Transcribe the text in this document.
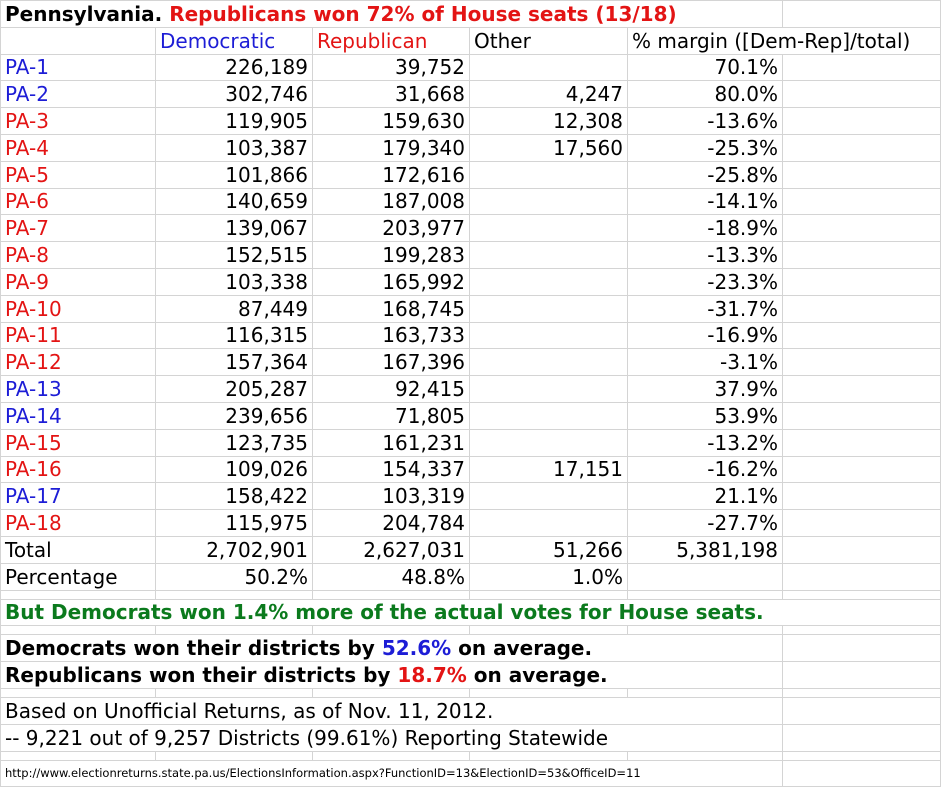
Pennsylvania. Republicans won 72% of House seats (13/18)					
	Democratic	Republican	Other	% margin ([Dem-Rep]/total)	
PA-1	226,189	39,752		70.1%	
PA-2	302,746	31,668	4,247	80.0%	
PA-3	119,905	159,630	12,308	-13.6%	
PA-4	103,387	179,340	17,560	-25.3%	
PA-5	101,866	172,616		-25.8%	
PA-6	140,659	187,008		-14.1%	
PA-7	139,067	203,977		-18.9%	
PA-8	152,515	199,283		-13.3%	
PA-9	103,338	165,992		-23.3%	
PA-10	87,449	168,745		-31.7%	
PA-11	116,315	163,733		-16.9%	
PA-12	157,364	167,396		-3.1%	
PA-13	205,287	92,415		37.9%	
PA-14	239,656	71,805		53.9%	
PA-15	123,735	161,231		-13.2%	
PA-16	109,026	154,337	17,151	-16.2%	
PA-17	158,422	103,319		21.1%	
PA-18	115,975	204,784		-27.7%	
Total	2,702,901	2,627,031	51,266	5,381,198	
Percentage	50.2%	48.8%	1.0%		

But Democrats won 1.4% more of the actual votes for House seats.					

Democrats won their districts by 52.6% on average.					
Republicans won their districts by 18.7% on average.					

Based on Unofficial Returns, as of Nov. 11, 2012.					
-- 9,221 out of 9,257 Districts (99.61%) Reporting Statewide					

http://www.electionreturns.state.pa.us/ElectionsInformation.aspx?FunctionID=13&ElectionID=53&OfficeID=11					
